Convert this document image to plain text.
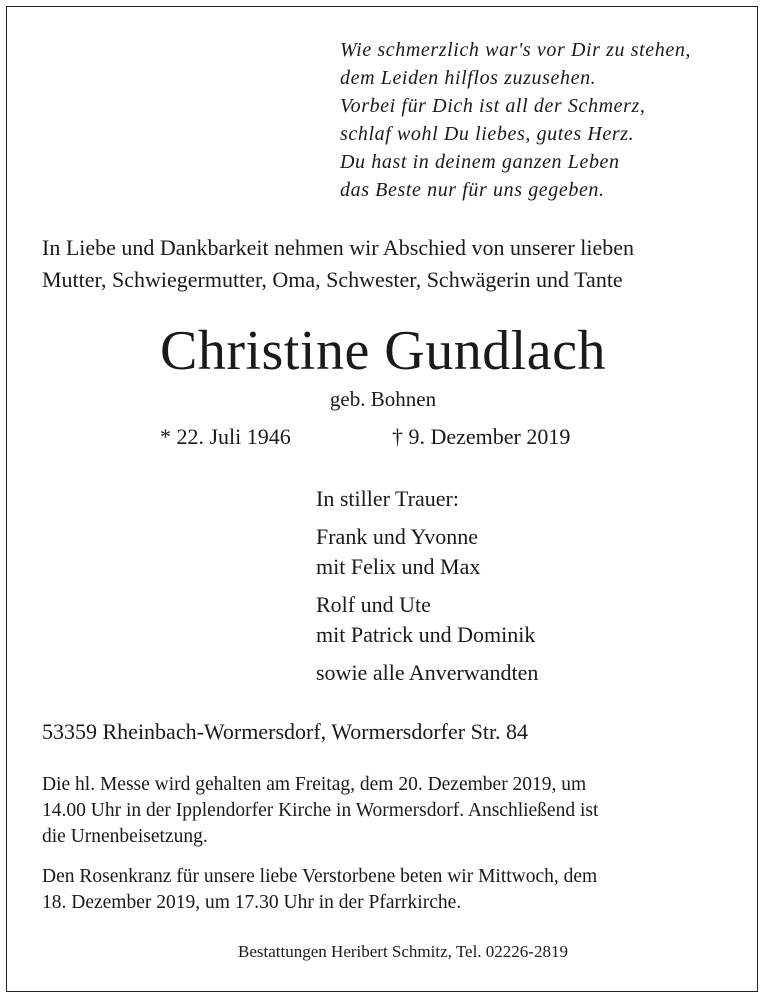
Wie schmerzlich war's vor Dir zu stehen,
dem Leiden hilflos zuzusehen.
Vorbei für Dich ist all der Schmerz,
schlaf wohl Du liebes, gutes Herz.
Du hast in deinem ganzen Leben
das Beste nur für uns gegeben.
In Liebe und Dankbarkeit nehmen wir Abschied von unserer lieben
Mutter, Schwiegermutter, Oma, Schwester, Schwägerin und Tante
Christine Gundlach
geb. Bohnen
* 22. Juli 1946	† 9. Dezember 2019
In stiller Trauer:
Frank und Yvonne
mit Felix und Max
Rolf und Ute
mit Patrick und Dominik
sowie alle Anverwandten
53359 Rheinbach-Wormersdorf, Wormersdorfer Str. 84
Die hl. Messe wird gehalten am Freitag, dem 20. Dezember 2019, um
14.00 Uhr in der Ipplendorfer Kirche in Wormersdorf. Anschließend ist
die Urnenbeisetzung.
Den Rosenkranz für unsere liebe Verstorbene beten wir Mittwoch, dem
18. Dezember 2019, um 17.30 Uhr in der Pfarrkirche.
Bestattungen Heribert Schmitz, Tel. 02226-2819
